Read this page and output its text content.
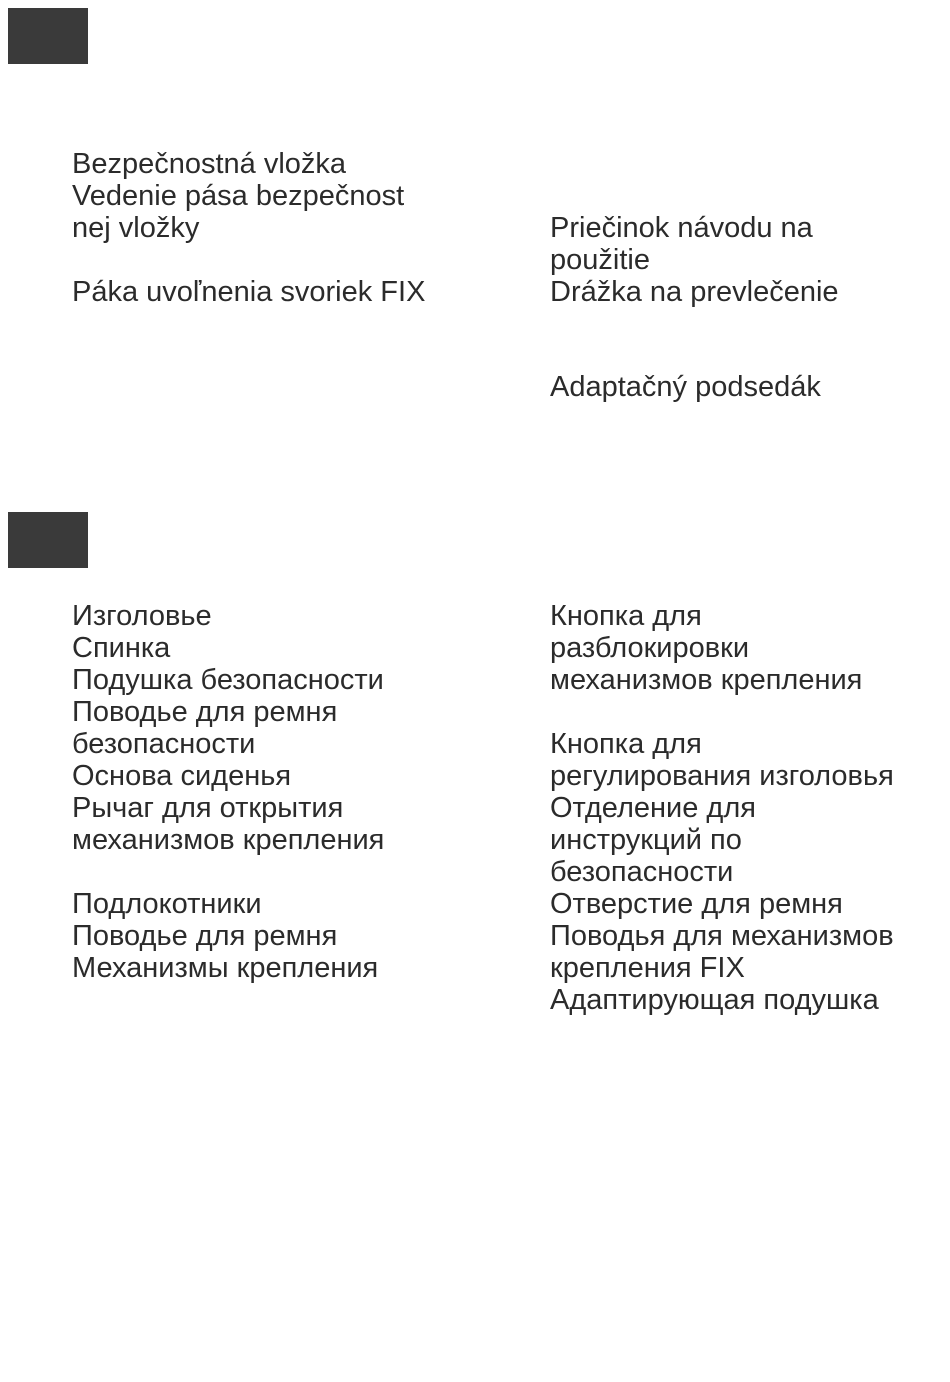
Bezpečnostná vložka
Vedenie pása bezpečnost
nej vložky
Páka uvoľnenia svoriek FIX
Priečinok návodu na
použitie
Drážka na prevlečenie
Adaptačný podsedák
Изголовье
Спинка
Подушка безопасности
Поводье для ремня
безопасности
Основа сиденья
Рычаг для открытия
механизмов крепления
Подлокотники
Поводье для ремня
Механизмы крепления
Кнопка для
разблокировки
механизмов крепления
Кнопка для
регулирования изголовья
Отделение для
инструкций по
безопасности
Отверстие для ремня
Поводья для механизмов
крепления FIX
Адаптирующая подушка
